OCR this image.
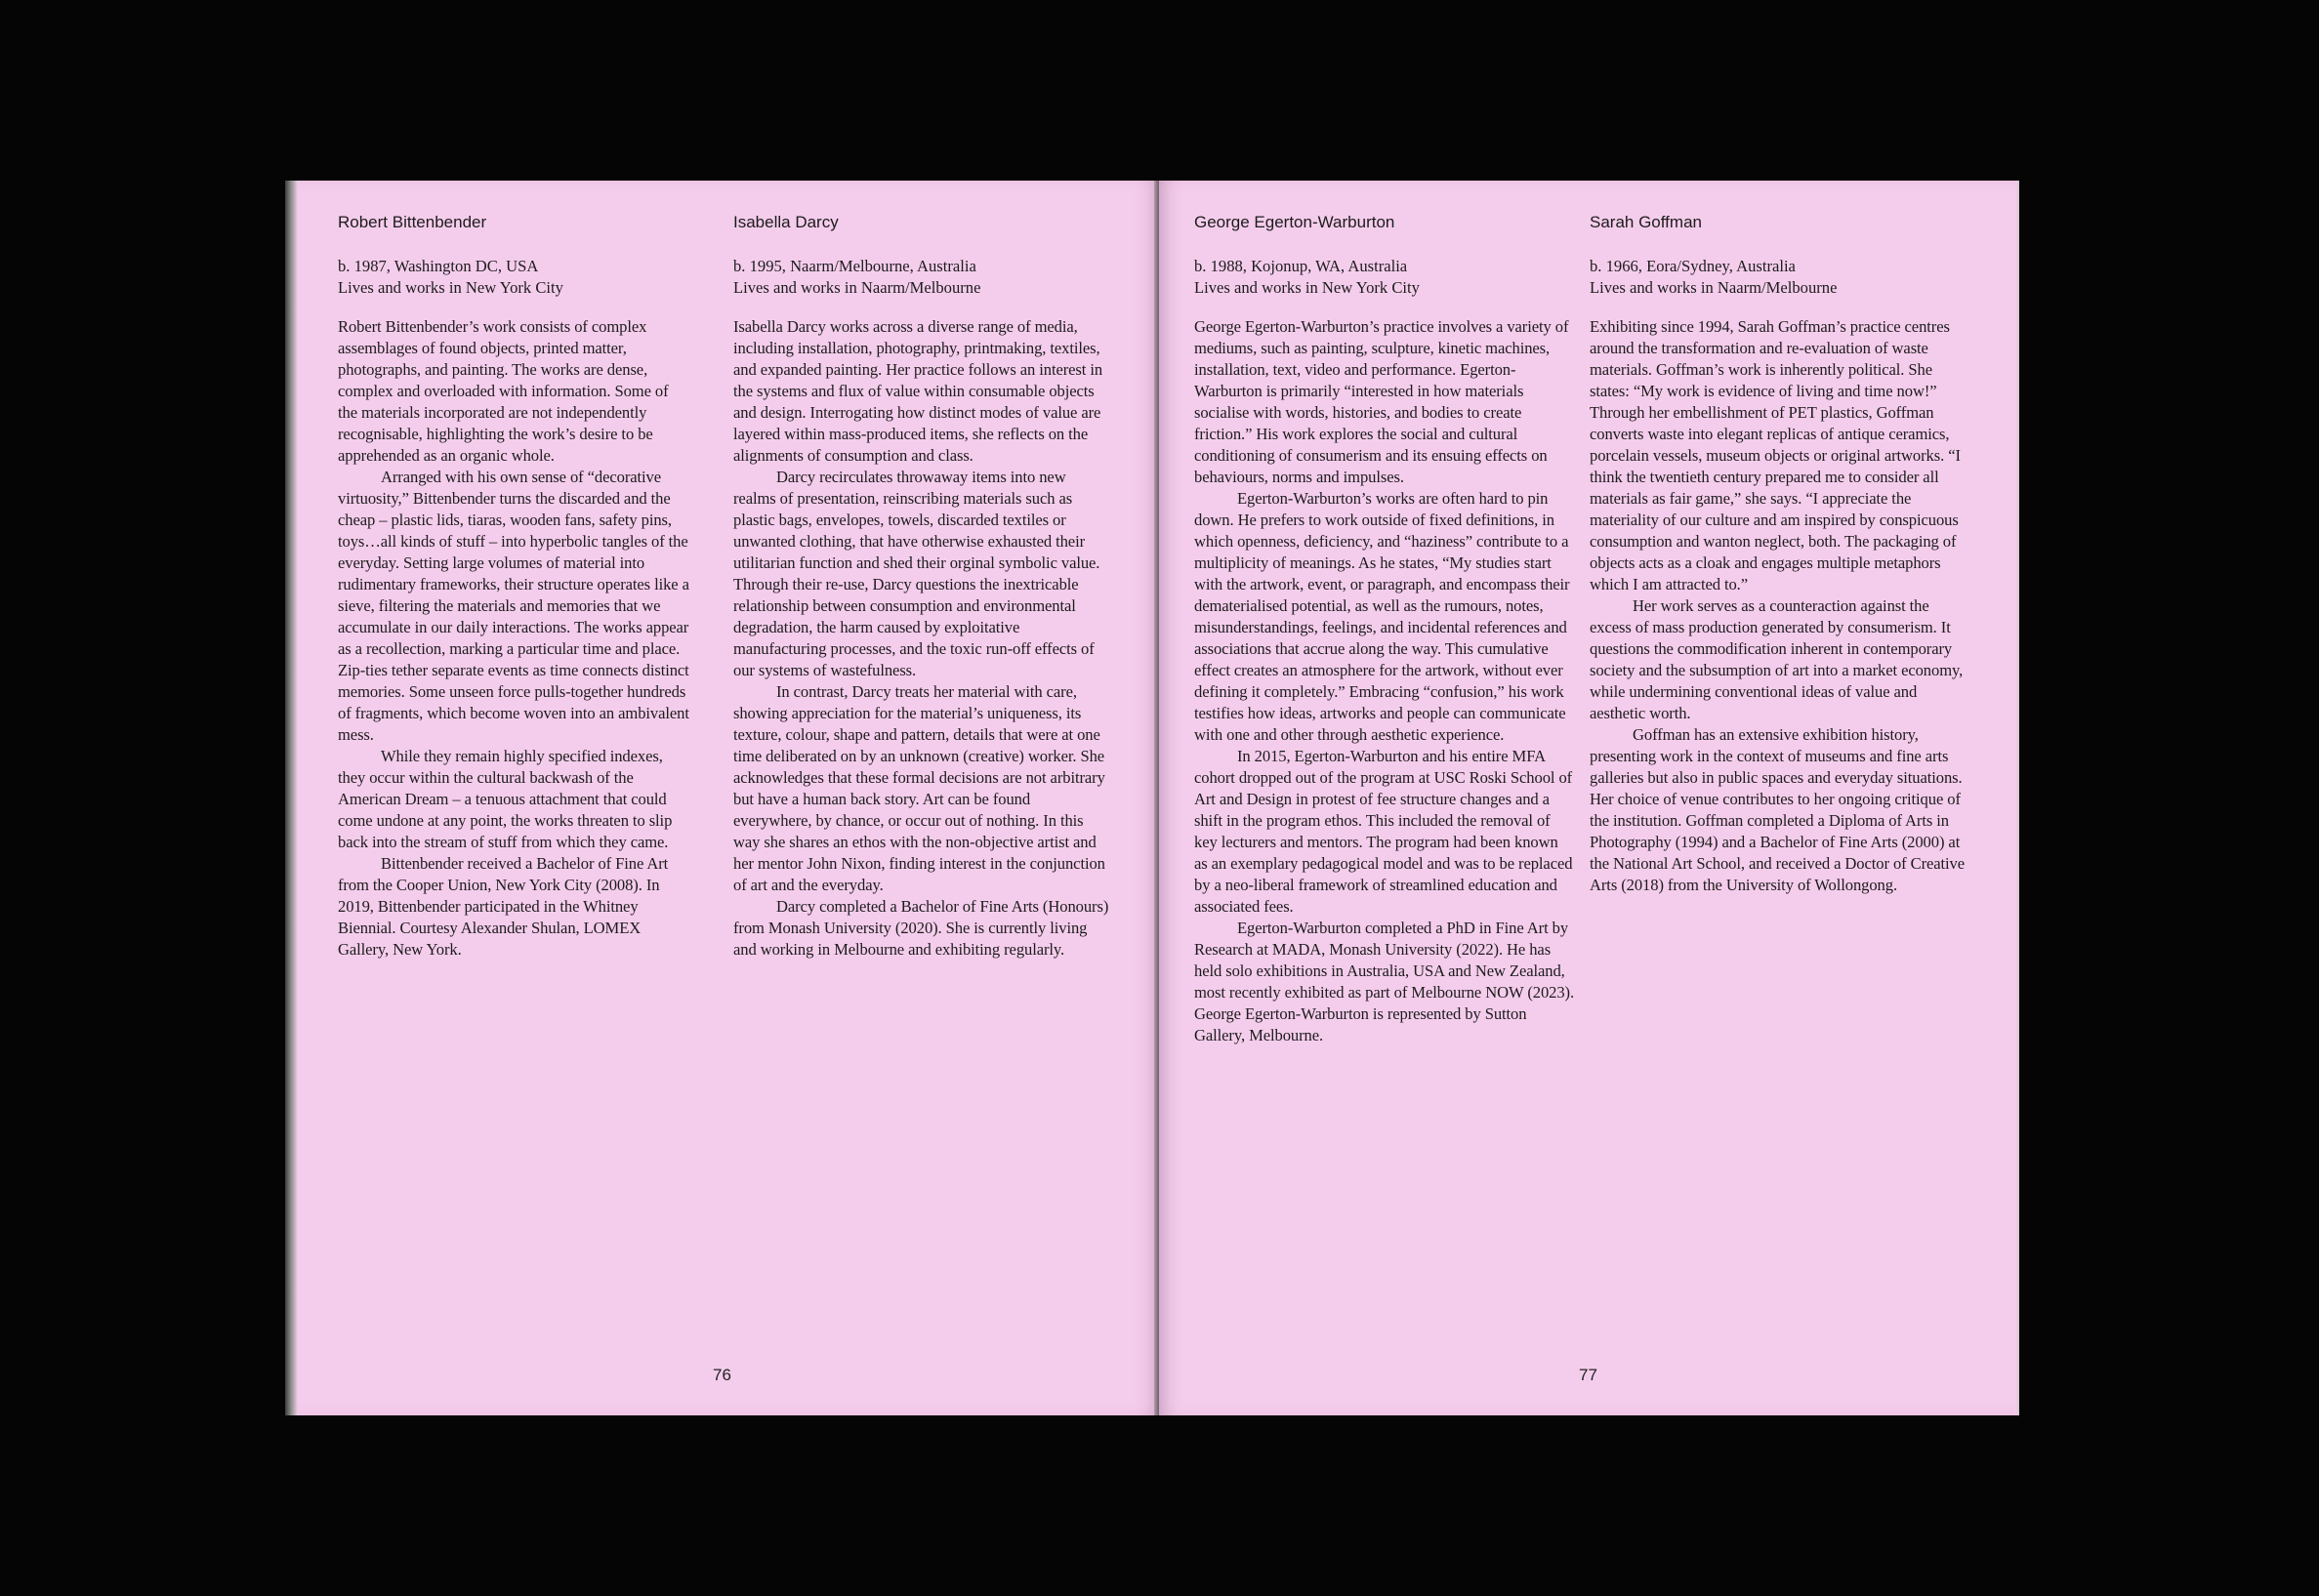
Robert Bittenbender

b. 1987, Washington DC, USA

Lives and works in New York City

Robert Bittenbender’s work consists of complex assemblages of found objects, printed matter, photographs, and painting. The works are dense, complex and overloaded with information. Some of the materials incorporated are not independently recognisable, highlighting the work’s desire to be apprehended as an organic whole.

Arranged with his own sense of “decorative virtuosity,” Bittenbender turns the discarded and the cheap – plastic lids, tiaras, wooden fans, safety pins, toys…all kinds of stuff – into hyperbolic tangles of the everyday. Setting large volumes of material into rudimentary frameworks, their structure operates like a sieve, filtering the materials and memories that we accumulate in our daily interactions. The works appear as a recollection, marking a particular time and place. Zip-ties tether separate events as time connects distinct memories. Some unseen force pulls-together hundreds of fragments, which become woven into an ambivalent mess.

While they remain highly specified indexes, they occur within the cultural backwash of the American Dream – a tenuous attachment that could come undone at any point, the works threaten to slip back into the stream of stuff from which they came.

Bittenbender received a Bachelor of Fine Art from the Cooper Union, New York City (2008). In 2019, Bittenbender participated in the Whitney Biennial. Courtesy Alexander Shulan, LOMEX Gallery, New York.

Isabella Darcy

b. 1995, Naarm/Melbourne, Australia

Lives and works in Naarm/Melbourne

Isabella Darcy works across a diverse range of media, including installation, photography, printmaking, textiles, and expanded painting. Her practice follows an interest in the systems and flux of value within consumable objects and design. Interrogating how distinct modes of value are layered within mass-produced items, she reflects on the alignments of consumption and class.

Darcy recirculates throwaway items into new realms of presentation, reinscribing materials such as plastic bags, envelopes, towels, discarded textiles or unwanted clothing, that have otherwise exhausted their utilitarian function and shed their orginal symbolic value. Through their re-use, Darcy questions the inextricable relationship between consumption and environmental degradation, the harm caused by exploitative manufacturing processes, and the toxic run-off effects of our systems of wastefulness.

In contrast, Darcy treats her material with care, showing appreciation for the material’s uniqueness, its texture, colour, shape and pattern, details that were at one time deliberated on by an unknown (creative) worker. She acknowledges that these formal decisions are not arbitrary but have a human back story. Art can be found everywhere, by chance, or occur out of nothing. In this way she shares an ethos with the non-objective artist and her mentor John Nixon, finding interest in the conjunction of art and the everyday.

Darcy completed a Bachelor of Fine Arts (Honours) from Monash University (2020). She is currently living and working in Melbourne and exhibiting regularly.

76
George Egerton-Warburton

b. 1988, Kojonup, WA, Australia

Lives and works in New York City

George Egerton-Warburton’s practice involves a variety of mediums, such as painting, sculpture, kinetic machines, installation, text, video and performance. Egerton-Warburton is primarily “interested in how materials socialise with words, histories, and bodies to create friction.” His work explores the social and cultural conditioning of consumerism and its ensuing effects on behaviours, norms and impulses.

Egerton-Warburton’s works are often hard to pin down. He prefers to work outside of fixed definitions, in which openness, deficiency, and “haziness” contribute to a multiplicity of meanings. As he states, “My studies start with the artwork, event, or paragraph, and encompass their dematerialised potential, as well as the rumours, notes, misunderstandings, feelings, and incidental references and associations that accrue along the way. This cumulative effect creates an atmosphere for the artwork, without ever defining it completely.” Embracing “confusion,” his work testifies how ideas, artworks and people can communicate with one and other through aesthetic experience.

In 2015, Egerton-Warburton and his entire MFA cohort dropped out of the program at USC Roski School of Art and Design in protest of fee structure changes and a shift in the program ethos. This included the removal of key lecturers and mentors. The program had been known as an exemplary pedagogical model and was to be replaced by a neo-liberal framework of streamlined education and associated fees.

Egerton-Warburton completed a PhD in Fine Art by Research at MADA, Monash University (2022). He has held solo exhibitions in Australia, USA and New Zealand, most recently exhibited as part of Melbourne NOW (2023). George Egerton-Warburton is represented by Sutton Gallery, Melbourne.

Sarah Goffman

b. 1966, Eora/Sydney, Australia

Lives and works in Naarm/Melbourne

Exhibiting since 1994, Sarah Goffman’s practice centres around the transformation and re-evaluation of waste materials. Goffman’s work is inherently political. She states: “My work is evidence of living and time now!” Through her embellishment of PET plastics, Goffman converts waste into elegant replicas of antique ceramics, porcelain vessels, museum objects or original artworks. “I think the twentieth century prepared me to consider all materials as fair game,” she says. “I appreciate the materiality of our culture and am inspired by conspicuous consumption and wanton neglect, both. The packaging of objects acts as a cloak and engages multiple metaphors which I am attracted to.”

Her work serves as a counteraction against the excess of mass production generated by consumerism. It questions the commodification inherent in contemporary society and the subsumption of art into a market economy, while undermining conventional ideas of value and aesthetic worth.

Goffman has an extensive exhibition history, presenting work in the context of museums and fine arts galleries but also in public spaces and everyday situations. Her choice of venue contributes to her ongoing critique of the institution. Goffman completed a Diploma of Arts in Photography (1994) and a Bachelor of Fine Arts (2000) at the National Art School, and received a Doctor of Creative Arts (2018) from the University of Wollongong.

77
